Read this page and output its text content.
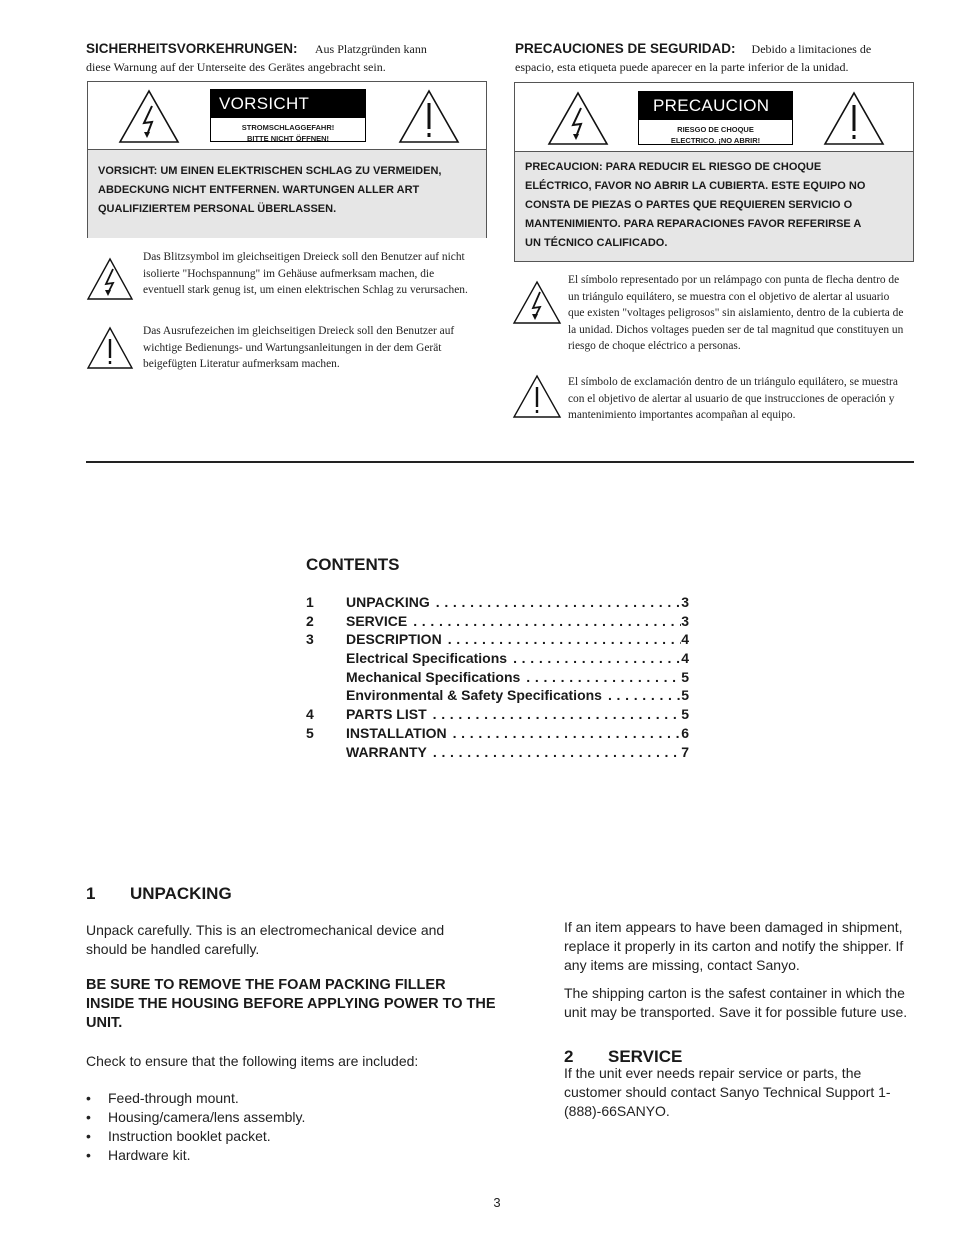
SICHERHEITSVORKEHRUNGEN: Aus Platzgründen kann
diese Warnung auf der Unterseite des Gerätes angebracht sein.
VORSICHT
STROMSCHLAGGEFAHR!
BITTE NICHT ÖFFNEN!
VORSICHT: UM EINEN ELEKTRISCHEN SCHLAG ZU VERMEIDEN,
ABDECKUNG NICHT ENTFERNEN. WARTUNGEN ALLER ART
QUALIFIZIERTEM PERSONAL ÜBERLASSEN.
Das Blitzsymbol im gleichseitigen Dreieck soll den Benutzer auf nicht isolierte "Hochspannung" im Gehäuse aufmerksam machen, die eventuell stark genug ist, um einen elektrischen Schlag zu verursachen.
Das Ausrufezeichen im gleichseitigen Dreieck soll den Benutzer auf wichtige Bedienungs- und Wartungsanleitungen in der dem Gerät beigefügten Literatur aufmerksam machen.
PRECAUCIONES DE SEGURIDAD: Debido a limitaciones de
espacio, esta etiqueta puede aparecer en la parte inferior de la unidad.
PRECAUCION
RIESGO DE CHOQUE
ELECTRICO. ¡NO ABRIR!
PRECAUCION: PARA REDUCIR EL RIESGO DE CHOQUE
ELÉCTRICO, FAVOR NO ABRIR LA CUBIERTA. ESTE EQUIPO NO
CONSTA DE PIEZAS O PARTES QUE REQUIEREN SERVICIO O
MANTENIMIENTO. PARA REPARACIONES FAVOR REFERIRSE A
UN TÉCNICO CALIFICADO.
El símbolo representado por un relámpago con punta de flecha dentro de un triángulo equilátero, se muestra con el objetivo de alertar al usuario que existen "voltages peligrosos" sin aislamiento, dentro de la cubierta de la unidad. Dichos voltages pueden ser de tal magnitud que constituyen un riesgo de choque eléctrico a personas.
El símbolo de exclamación dentro de un triángulo equilátero, se muestra con el objetivo de alertar al usuario de que instrucciones de operación y mantenimiento importantes acompañan al equipo.
CONTENTS
1 UNPACKING . . .	3
2 SERVICE . . .	3
3 DESCRIPTION . . .	4
Electrical Specifications . . .	4
Mechanical Specifications . . .	5
Environmental & Safety Specifications . . .	5
4 PARTS LIST . . .	5
5 INSTALLATION . . .	6
WARRANTY . . .	7
1 UNPACKING
Unpack carefully. This is an electromechanical device and should be handled carefully.
BE SURE TO REMOVE THE FOAM PACKING FILLER INSIDE THE HOUSING BEFORE APPLYING POWER TO THE UNIT.
Check to ensure that the following items are included:
• Feed-through mount.
• Housing/camera/lens assembly.
• Instruction booklet packet.
• Hardware kit.
If an item appears to have been damaged in shipment, replace it properly in its carton and notify the shipper. If any items are missing, contact Sanyo.
The shipping carton is the safest container in which the unit may be transported. Save it for possible future use.
2 SERVICE
If the unit ever needs repair service or parts, the customer should contact Sanyo Technical Support 1-(888)-66SANYO.
3
